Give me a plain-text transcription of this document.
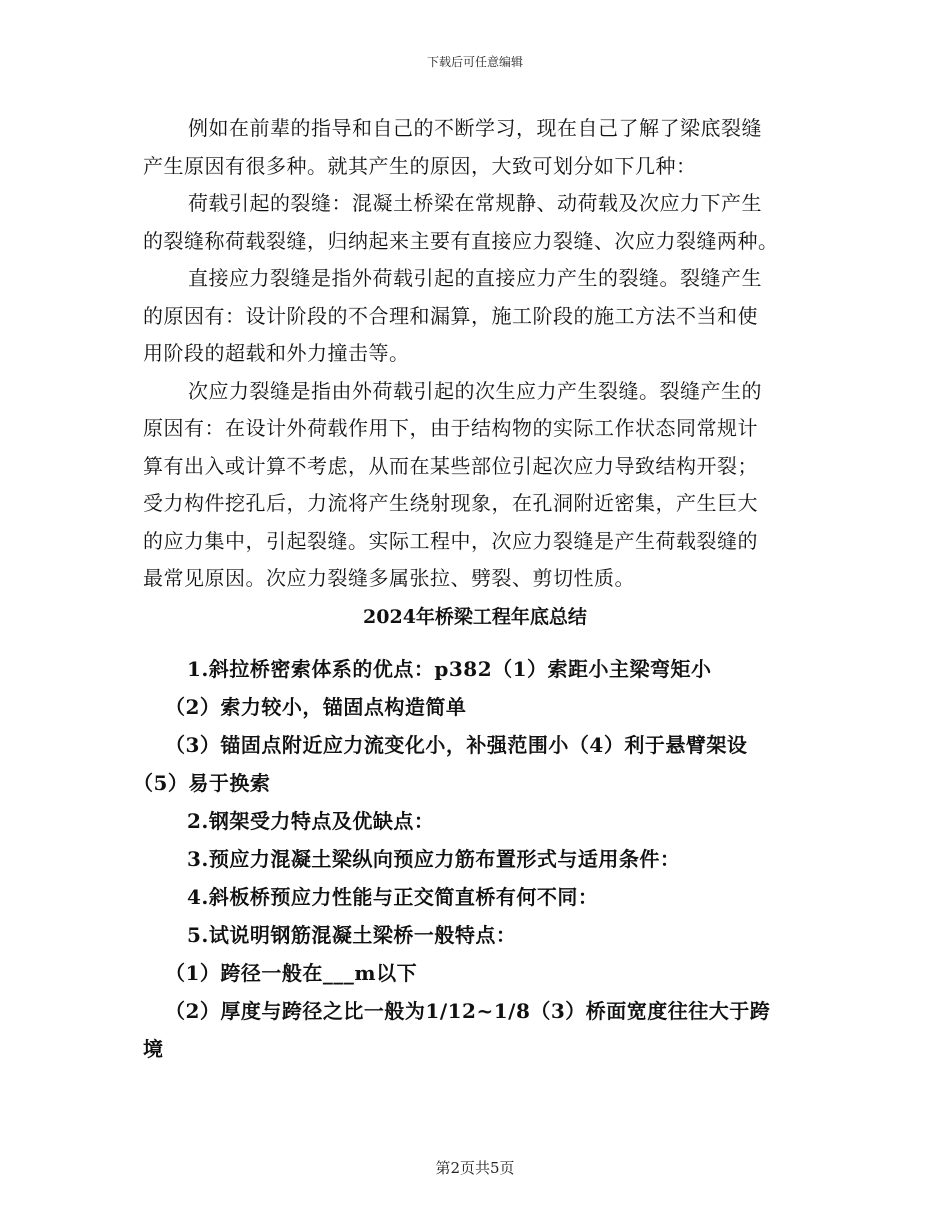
下载后可任意编辑
例如在前辈的指导和自己的不断学习，现在自己了解了梁底裂缝
产生原因有很多种。就其产生的原因，大致可划分如下几种：
荷载引起的裂缝：混凝土桥梁在常规静、动荷载及次应力下产生
的裂缝称荷载裂缝，归纳起来主要有直接应力裂缝、次应力裂缝两种。
直接应力裂缝是指外荷载引起的直接应力产生的裂缝。裂缝产生
的原因有：设计阶段的不合理和漏算，施工阶段的施工方法不当和使
用阶段的超载和外力撞击等。
次应力裂缝是指由外荷载引起的次生应力产生裂缝。裂缝产生的
原因有：在设计外荷载作用下，由于结构物的实际工作状态同常规计
算有出入或计算不考虑，从而在某些部位引起次应力导致结构开裂；
受力构件挖孔后，力流将产生绕射现象，在孔洞附近密集，产生巨大
的应力集中，引起裂缝。实际工程中，次应力裂缝是产生荷载裂缝的
最常见原因。次应力裂缝多属张拉、劈裂、剪切性质。
2024年桥梁工程年底总结
1.斜拉桥密索体系的优点：p382（1）索距小主梁弯矩小
（2）索力较小，锚固点构造简单
（3）锚固点附近应力流变化小，补强范围小（4）利于悬臂架设
（5）易于换索
2.钢架受力特点及优缺点：
3.预应力混凝土梁纵向预应力筋布置形式与适用条件：
4.斜板桥预应力性能与正交简直桥有何不同：
5.试说明钢筋混凝土梁桥一般特点：
（1）跨径一般在___m以下
（2）厚度与跨径之比一般为1/12~1/8（3）桥面宽度往往大于跨
境
第2页共5页
